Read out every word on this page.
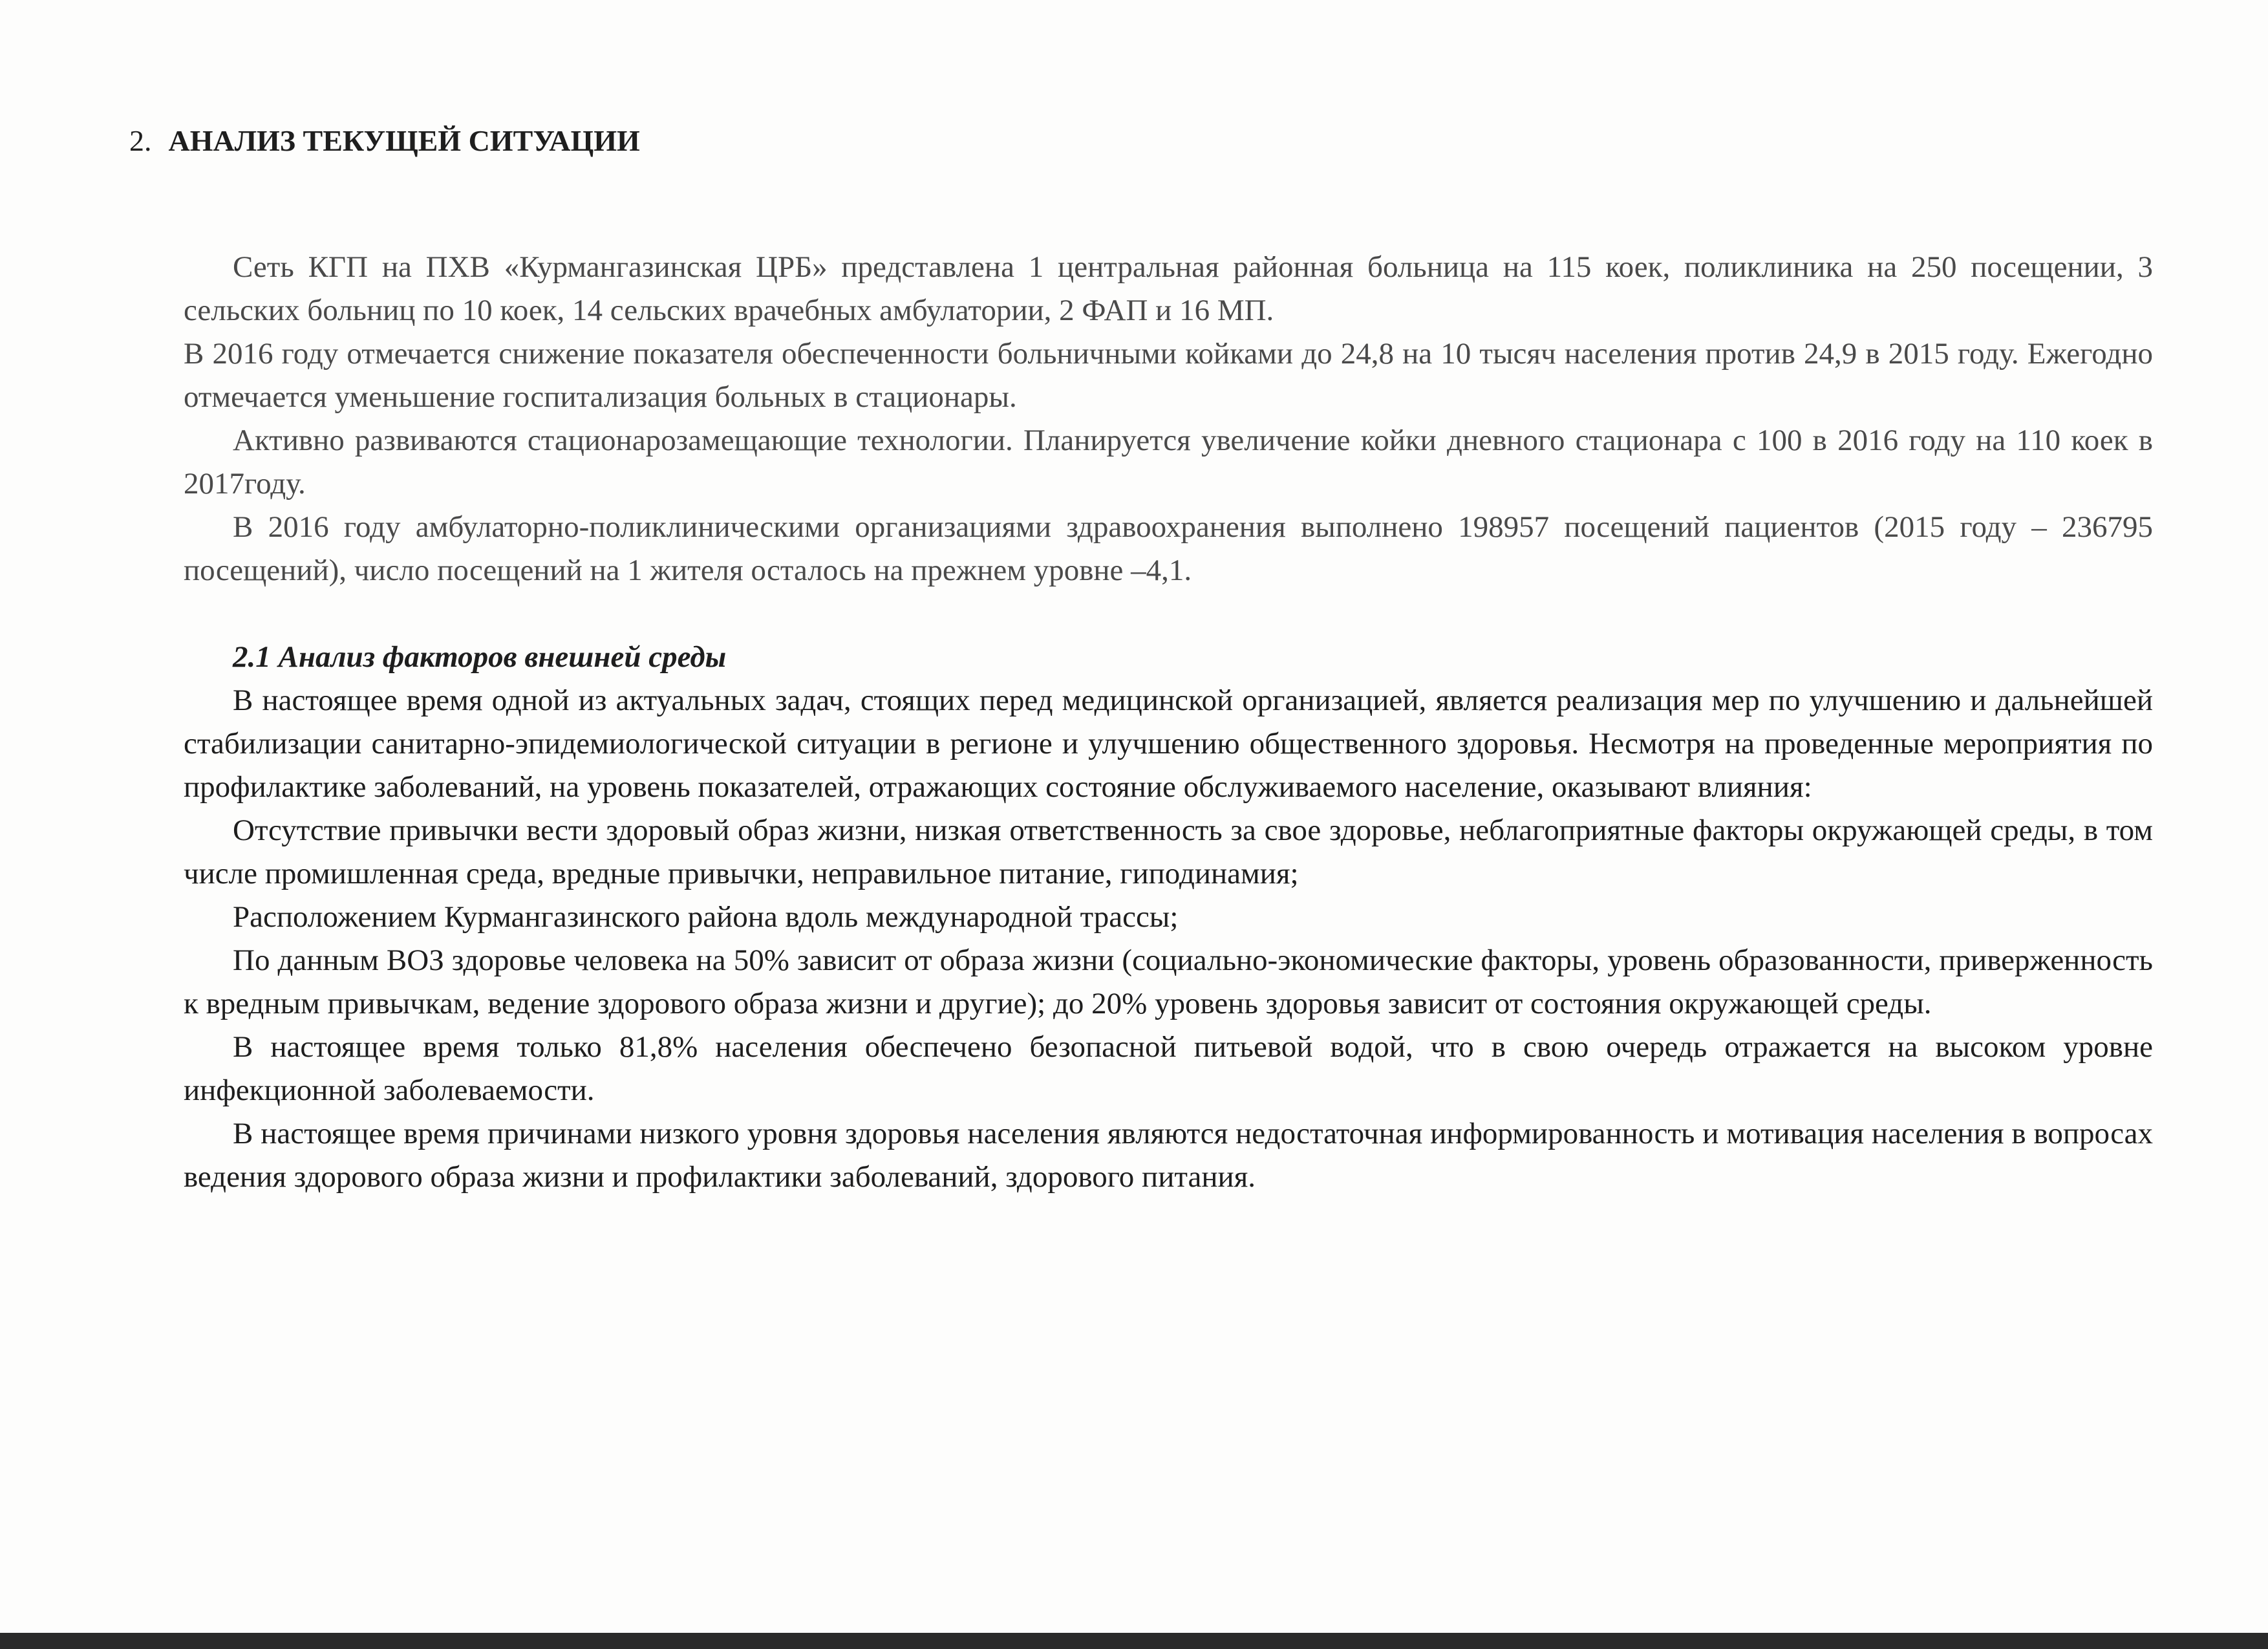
2. АНАЛИЗ ТЕКУЩЕЙ СИТУАЦИИ

Сеть КГП на ПХВ «Курмангазинская ЦРБ» представлена 1 центральная районная больница на 115 коек, поликлиника на 250 посещении, 3 сельских больниц по 10 коек, 14 сельских врачебных амбулатории, 2 ФАП и 16 МП.

В 2016 году отмечается снижение показателя обеспеченности больничными койками до 24,8 на 10 тысяч населения против 24,9 в 2015 году. Ежегодно отмечается уменьшение госпитализация больных в стационары.

Активно развиваются стационарозамещающие технологии. Планируется увеличение койки дневного стационара с 100 в 2016 году на 110 коек в 2017году.

В 2016 году амбулаторно-поликлиническими организациями здравоохранения выполнено 198957 посещений пациентов (2015 году – 236795 посещений), число посещений на 1 жителя осталось на прежнем уровне –4,1.

2.1 Анализ факторов внешней среды

В настоящее время одной из актуальных задач, стоящих перед медицинской организацией, является реализация мер по улучшению и дальнейшей стабилизации санитарно-эпидемиологической ситуации в регионе и улучшению общественного здоровья. Несмотря на проведенные мероприятия по профилактике заболеваний, на уровень показателей, отражающих состояние обслуживаемого население, оказывают влияния:

Отсутствие привычки вести здоровый образ жизни, низкая ответственность за свое здоровье, неблагоприятные факторы окружающей среды, в том числе промишленная среда, вредные привычки, неправильное питание, гиподинамия;

Расположением Курмангазинского района вдоль международной трассы;

По данным ВОЗ здоровье человека на 50% зависит от образа жизни (социально-экономические факторы, уровень образованности, приверженность к вредным привычкам, ведение здорового образа жизни и другие); до 20% уровень здоровья зависит от состояния окружающей среды.

В настоящее время только 81,8% населения обеспечено безопасной питьевой водой, что в свою очередь отражается на высоком уровне инфекционной заболеваемости.

В настоящее время причинами низкого уровня здоровья населения являются недостаточная информированность и мотивация населения в вопросах ведения здорового образа жизни и профилактики заболеваний, здорового питания.
